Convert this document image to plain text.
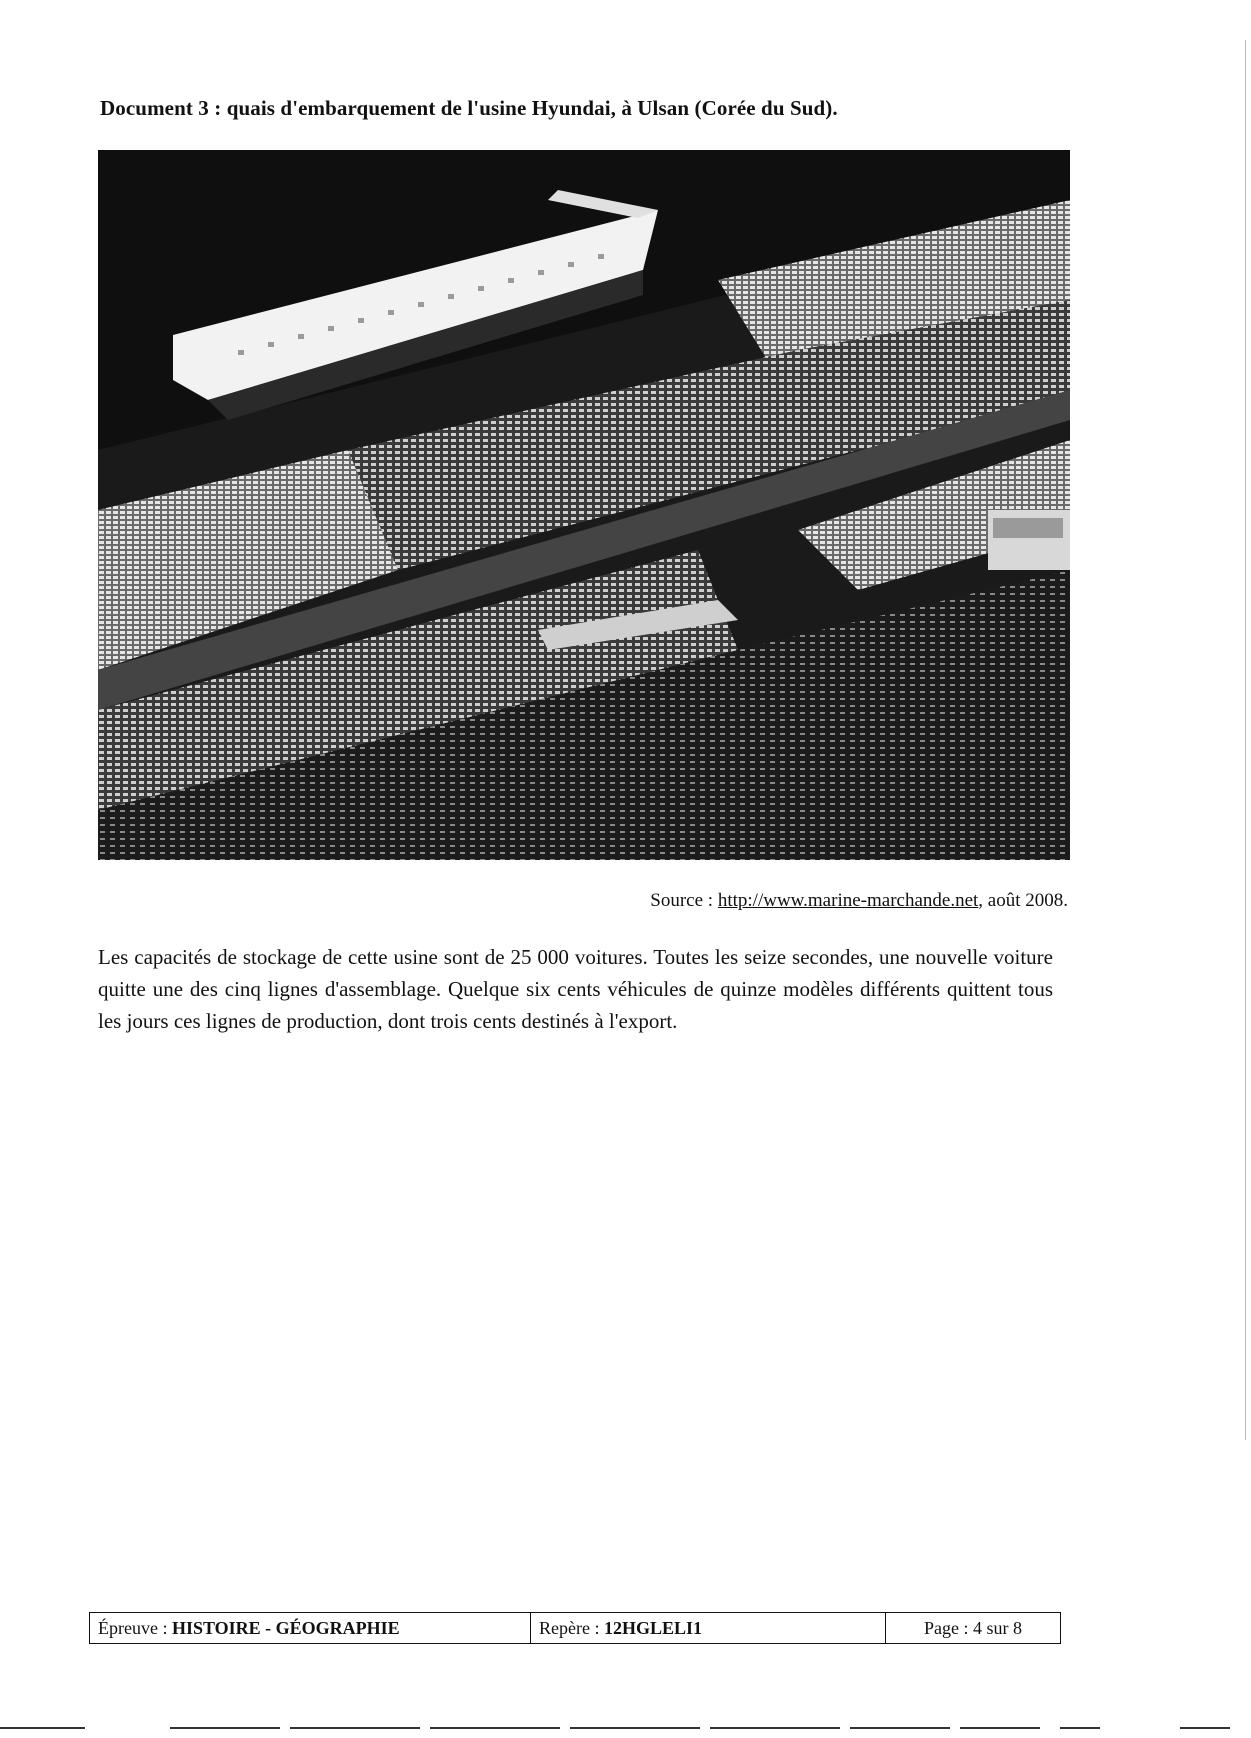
Document 3 : quais d'embarquement de l'usine Hyundai, à Ulsan (Corée du Sud).
Source : http://www.marine-marchande.net, août 2008.
Les capacités de stockage de cette usine sont de 25 000 voitures. Toutes les seize secondes, une nouvelle voiture quitte une des cinq lignes d'assemblage. Quelque six cents véhicules de quinze modèles différents quittent tous les jours ces lignes de production, dont trois cents destinés à l'export.
Épreuve :
HISTOIRE - GÉOGRAPHIE	Repère :
12HGLELI1	Page : 4 sur 8
